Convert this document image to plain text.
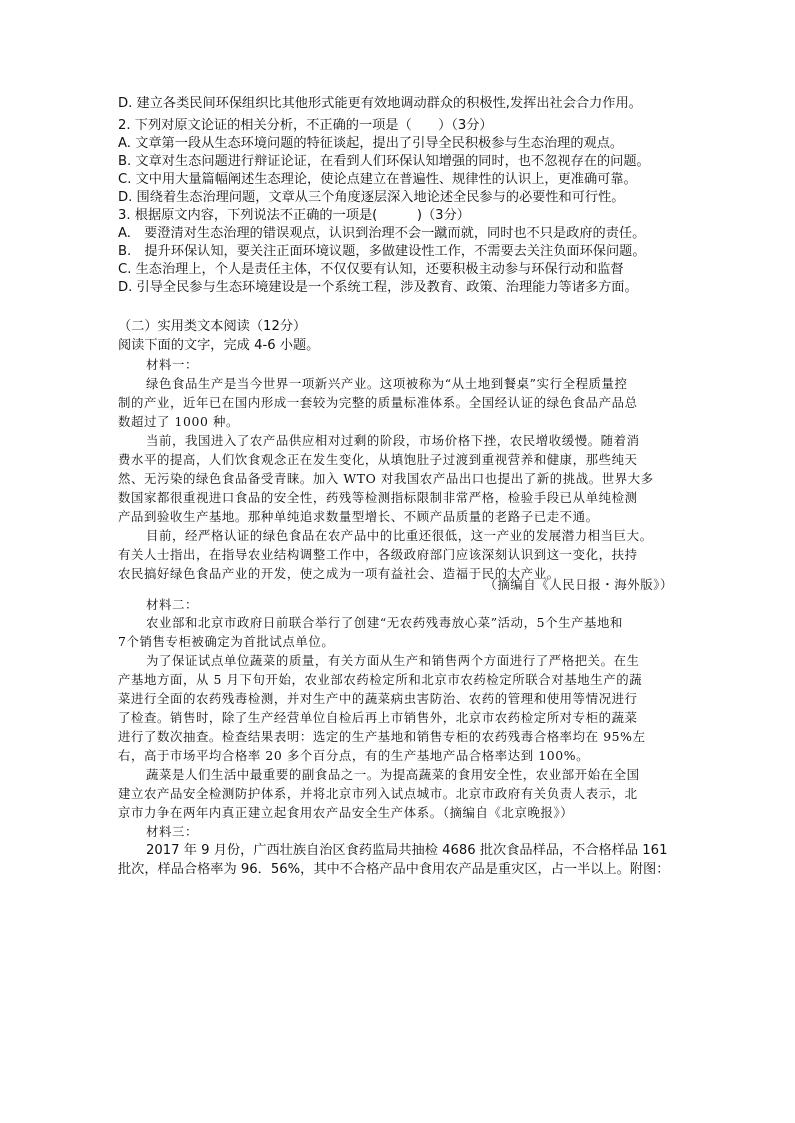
D. 建立各类民间环保组织比其他形式能更有效地调动群众的积极性,发挥出社会合力作用。
2. 下列对原文论证的相关分析，不正确的一项是（　　）（3分）
A. 文章第一段从生态环境问题的特征谈起，提出了引导全民积极参与生态治理的观点。
B. 文章对生态问题进行辩证论证，在看到人们环保认知增强的同时，也不忽视存在的问题。
C. 文中用大量篇幅阐述生态理论，使论点建立在普遍性、规律性的认识上，更准确可靠。
D. 围绕着生态治理问题，文章从三个角度逐层深入地论述全民参与的必要性和可行性。
3. 根据原文内容，下列说法不正确的一项是(　　　)（3分）
A.　要澄清对生态治理的错误观点，认识到治理不会一蹴而就，同时也不只是政府的责任。
B.　提升环保认知，要关注正面环境议题，多做建设性工作，不需要去关注负面环保问题。
C. 生态治理上，个人是责任主体，不仅仅要有认知，还要积极主动参与环保行动和监督
D. 引导全民参与生态环境建设是一个系统工程，涉及教育、政策、治理能力等诸多方面。
（二）实用类文本阅读（12分）
阅读下面的文字，完成 4-6 小题。
材料一：
绿色食品生产是当今世界一项新兴产业。这项被称为“从土地到餐桌”实行全程质量控
制的产业，近年已在国内形成一套较为完整的质量标准体系。全国经认证的绿色食品产品总
数超过了 1000 种。
当前，我国进入了农产品供应相对过剩的阶段，市场价格下挫，农民增收缓慢。随着消
费水平的提高，人们饮食观念正在发生变化，从填饱肚子过渡到重视营养和健康，那些纯天
然、无污染的绿色食品备受青睐。加入 WTO 对我国农产品出口也提出了新的挑战。世界大多
数国家都很重视进口食品的安全性，药残等检测指标限制非常严格，检验手段已从单纯检测
产品到验收生产基地。那种单纯追求数量型增长、不顾产品质量的老路子已走不通。
目前，经严格认证的绿色食品在农产品中的比重还很低，这一产业的发展潜力相当巨大。
有关人士指出，在指导农业结构调整工作中，各级政府部门应该深刻认识到这一变化，扶持
农民搞好绿色食品产业的开发，使之成为一项有益社会、造福于民的大产业。
（摘编自《人民日报・海外版》）
材料二：
农业部和北京市政府日前联合举行了创建“无农药残毒放心菜”活动，5个生产基地和
7个销售专柜被确定为首批试点单位。
为了保证试点单位蔬菜的质量，有关方面从生产和销售两个方面进行了严格把关。在生
产基地方面，从 5 月下旬开始，农业部农药检定所和北京市农药检定所联合对基地生产的蔬
菜进行全面的农药残毒检测，并对生产中的蔬菜病虫害防治、农药的管理和使用等情况进行
了检查。销售时，除了生产经营单位自检后再上市销售外，北京市农药检定所对专柜的蔬菜
进行了数次抽查。检查结果表明：选定的生产基地和销售专柜的农药残毒合格率均在 95%左
右，高于市场平均合格率 20 多个百分点，有的生产基地产品合格率达到 100%。
蔬菜是人们生活中最重要的副食品之一。为提高蔬菜的食用安全性，农业部开始在全国
建立农产品安全检测防护体系，并将北京市列入试点城市。北京市政府有关负责人表示，北
京市力争在两年内真正建立起食用农产品安全生产体系。（摘编自《北京晚报》）
材料三：
2017 年 9 月份，广西壮族自治区食药监局共抽检 4686 批次食品样品，不合格样品 161
批次，样品合格率为 96．56%，其中不合格产品中食用农产品是重灾区，占一半以上。附图：
